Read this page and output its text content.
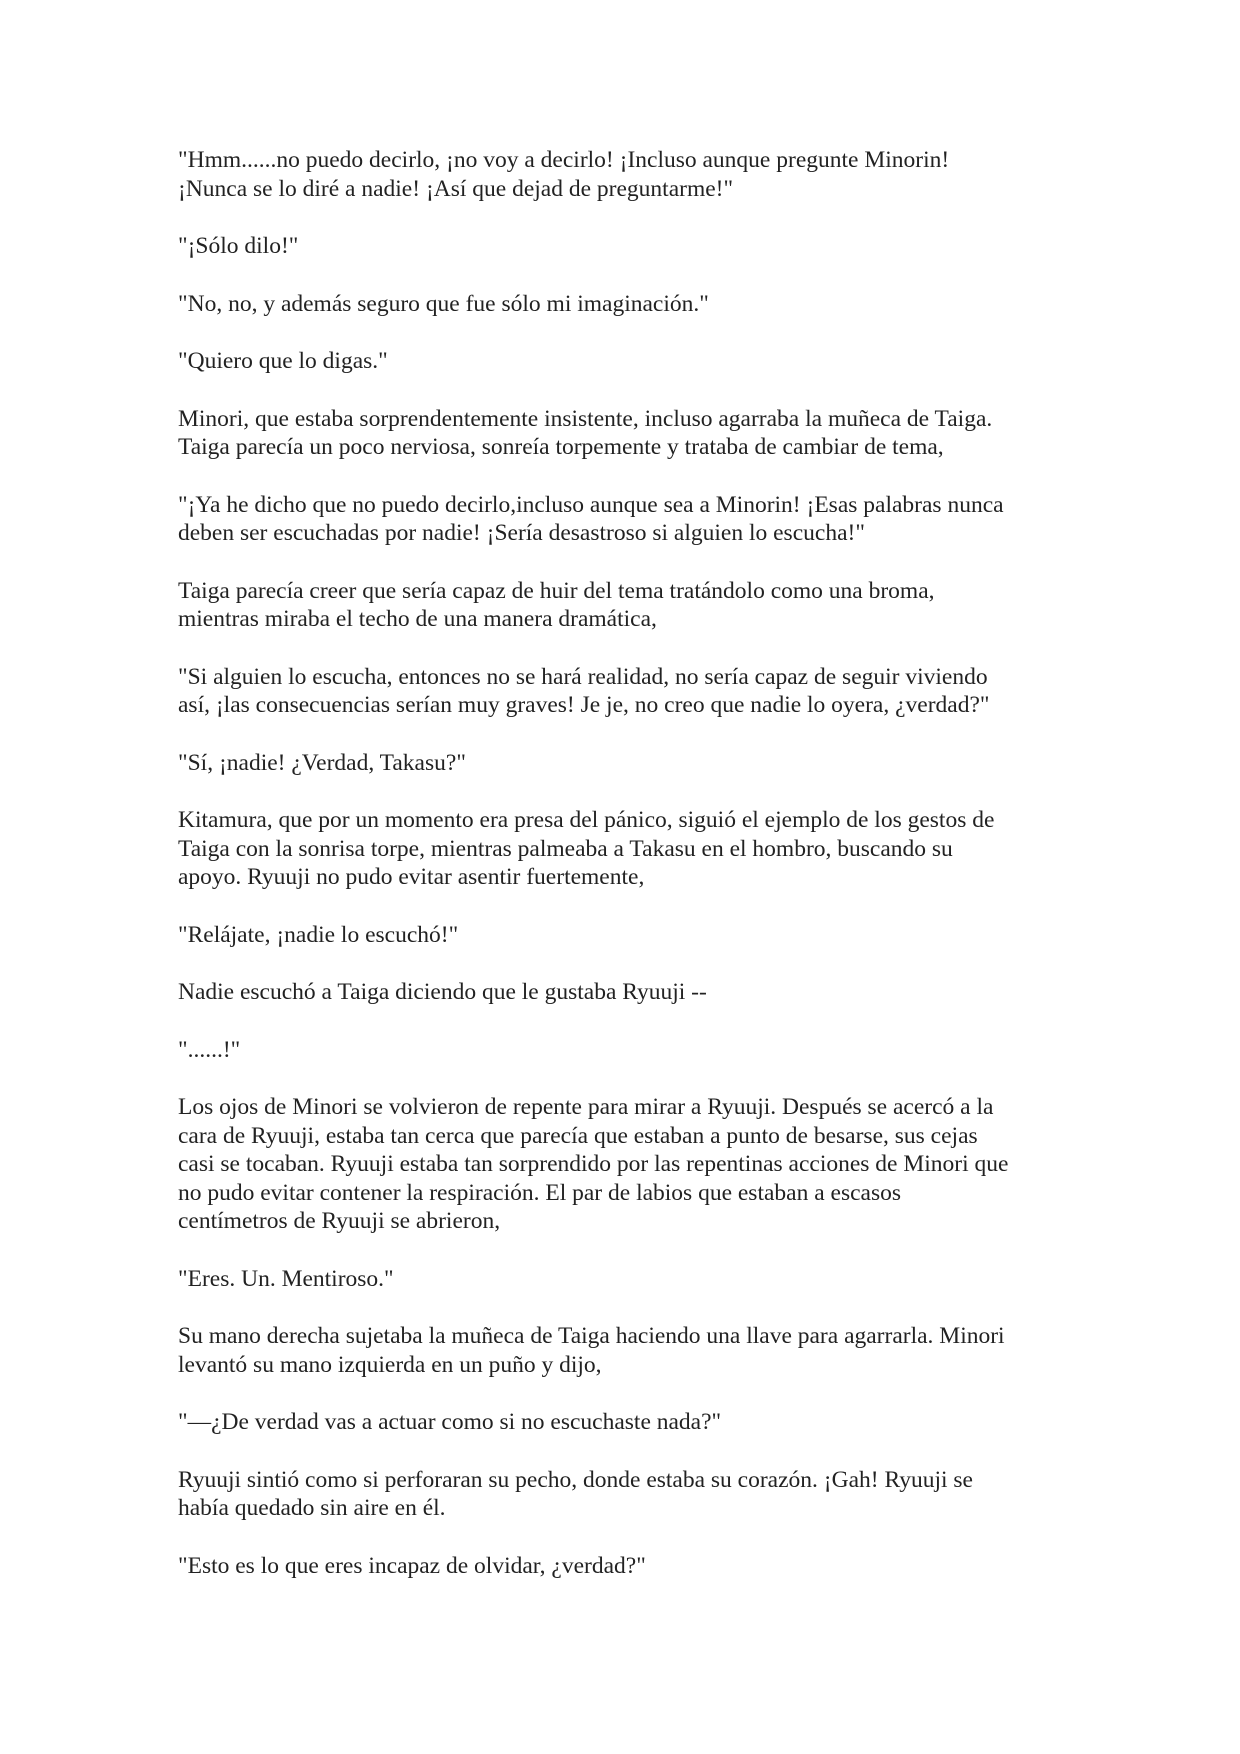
"Hmm......no puedo decirlo, ¡no voy a decirlo! ¡Incluso aunque pregunte Minorin!
¡Nunca se lo diré a nadie! ¡Así que dejad de preguntarme!"

"¡Sólo dilo!"

"No, no, y además seguro que fue sólo mi imaginación."

"Quiero que lo digas."

Minori, que estaba sorprendentemente insistente, incluso agarraba la muñeca de Taiga.
Taiga parecía un poco nerviosa, sonreía torpemente y trataba de cambiar de tema,

"¡Ya he dicho que no puedo decirlo,incluso aunque sea a Minorin! ¡Esas palabras nunca
deben ser escuchadas por nadie! ¡Sería desastroso si alguien lo escucha!"

Taiga parecía creer que sería capaz de huir del tema tratándolo como una broma,
mientras miraba el techo de una manera dramática,

"Si alguien lo escucha, entonces no se hará realidad, no sería capaz de seguir viviendo
así, ¡las consecuencias serían muy graves! Je je, no creo que nadie lo oyera, ¿verdad?"

"Sí, ¡nadie! ¿Verdad, Takasu?"

Kitamura, que por un momento era presa del pánico, siguió el ejemplo de los gestos de
Taiga con la sonrisa torpe, mientras palmeaba a Takasu en el hombro, buscando su
apoyo. Ryuuji no pudo evitar asentir fuertemente,

"Relájate, ¡nadie lo escuchó!"

Nadie escuchó a Taiga diciendo que le gustaba Ryuuji --

"......!"

Los ojos de Minori se volvieron de repente para mirar a Ryuuji. Después se acercó a la
cara de Ryuuji, estaba tan cerca que parecía que estaban a punto de besarse, sus cejas
casi se tocaban. Ryuuji estaba tan sorprendido por las repentinas acciones de Minori que
no pudo evitar contener la respiración. El par de labios que estaban a escasos
centímetros de Ryuuji se abrieron,

"Eres. Un. Mentiroso."

Su mano derecha sujetaba la muñeca de Taiga haciendo una llave para agarrarla. Minori
levantó su mano izquierda en un puño y dijo,

"—¿De verdad vas a actuar como si no escuchaste nada?"

Ryuuji sintió como si perforaran su pecho, donde estaba su corazón. ¡Gah! Ryuuji se
había quedado sin aire en él.

"Esto es lo que eres incapaz de olvidar, ¿verdad?"
